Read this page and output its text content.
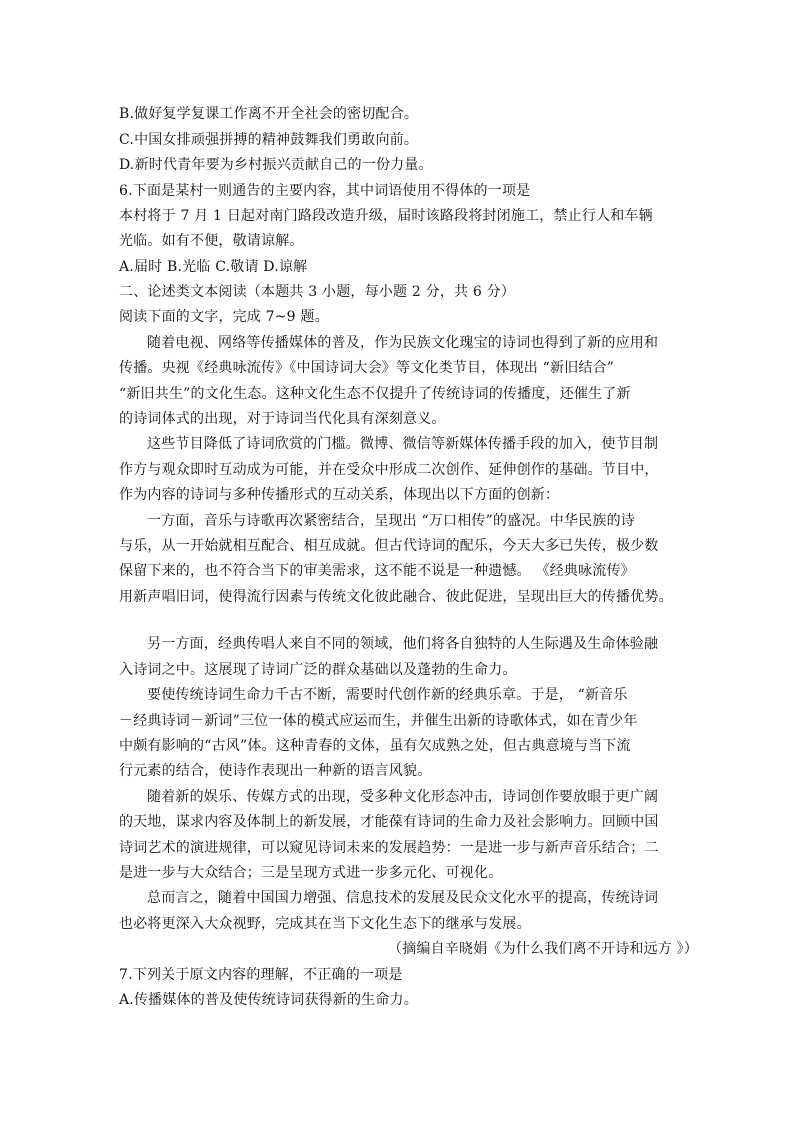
B.做好复学复课工作离不开全社会的密切配合。
C.中国女排顽强拼搏的精神鼓舞我们勇敢向前。
D.新时代青年要为乡村振兴贡献自己的一份力量。
6.下面是某村一则通告的主要内容，其中词语使用不得体的一项是
本村将于 7 月 1 日起对南门路段改造升级，届时该路段将封闭施工，禁止行人和车辆
光临。如有不便，敬请谅解。
A.届时 B.光临 C.敬请 D.谅解
二、论述类文本阅读（本题共 3 小题，每小题 2 分，共 6 分）
阅读下面的文字，完成 7~9 题。
随着电视、网络等传播媒体的普及，作为民族文化瑰宝的诗词也得到了新的应用和
传播。央视《经典咏流传》《中国诗词大会》等文化类节目，体现出 “新旧结合”
“新旧共生”的文化生态。这种文化生态不仅提升了传统诗词的传播度，还催生了新
的诗词体式的出现，对于诗词当代化具有深刻意义。
这些节目降低了诗词欣赏的门槛。微博、微信等新媒体传播手段的加入，使节目制
作方与观众即时互动成为可能，并在受众中形成二次创作、延伸创作的基础。节目中，
作为内容的诗词与多种传播形式的互动关系，体现出以下方面的创新：
一方面，音乐与诗歌再次紧密结合，呈现出 “万口相传”的盛况。中华民族的诗
与乐，从一开始就相互配合、相互成就。但古代诗词的配乐，今天大多已失传，极少数
保留下来的，也不符合当下的审美需求，这不能不说是一种遗憾。 《经典咏流传》
用新声唱旧词，使得流行因素与传统文化彼此融合、彼此促进，呈现出巨大的传播优势。
另一方面，经典传唱人来自不同的领域，他们将各自独特的人生际遇及生命体验融
入诗词之中。这展现了诗词广泛的群众基础以及蓬勃的生命力。
要使传统诗词生命力千古不断，需要时代创作新的经典乐章。于是， “新音乐
－经典诗词－新词”三位一体的模式应运而生，并催生出新的诗歌体式，如在青少年
中颇有影响的“古风”体。这种青春的文体，虽有欠成熟之处，但古典意境与当下流
行元素的结合，使诗作表现出一种新的语言风貌。
随着新的娱乐、传媒方式的出现，受多种文化形态冲击，诗词创作要放眼于更广阔
的天地，谋求内容及体制上的新发展，才能葆有诗词的生命力及社会影响力。回顾中国
诗词艺术的演进规律，可以窥见诗词未来的发展趋势：一是进一步与新声音乐结合；二
是进一步与大众结合；三是呈现方式进一步多元化、可视化。
总而言之，随着中国国力增强、信息技术的发展及民众文化水平的提高，传统诗词
也必将更深入大众视野，完成其在当下文化生态下的继承与发展。
（摘编自辛晓娟《为什么我们离不开诗和远方 》）
7.下列关于原文内容的理解，不正确的一项是
A.传播媒体的普及使传统诗词获得新的生命力。
